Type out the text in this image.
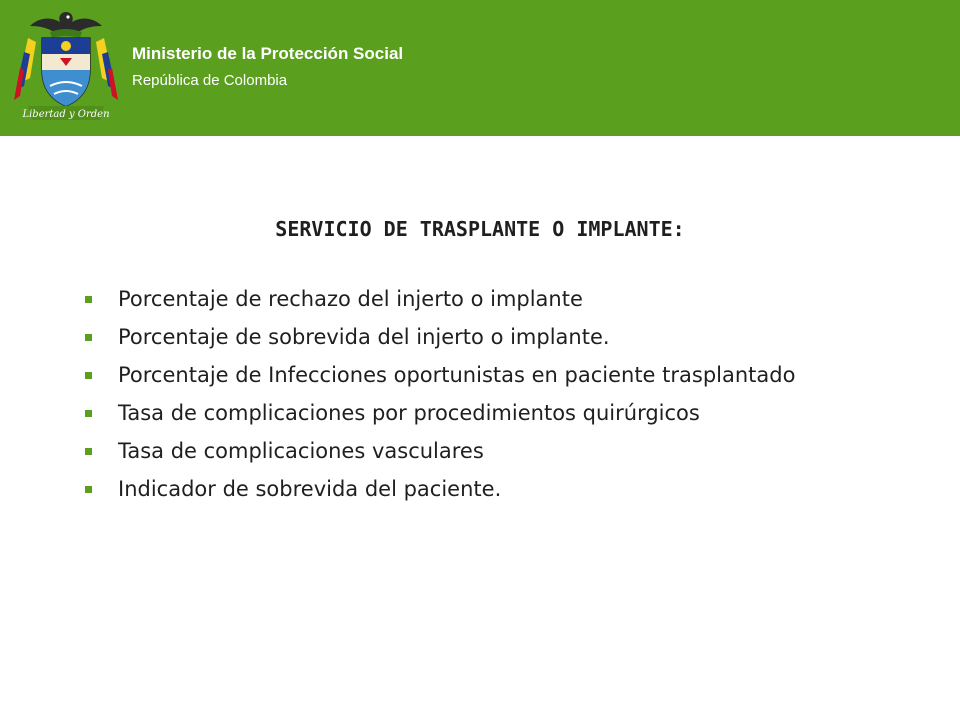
Libertad y Orden
Ministerio de la Protección Social
República de Colombia
SERVICIO DE TRASPLANTE O IMPLANTE:
Porcentaje de rechazo del injerto o implante
Porcentaje de sobrevida del injerto o implante.
Porcentaje de Infecciones oportunistas en paciente trasplantado
Tasa de complicaciones por procedimientos quirúrgicos
Tasa de complicaciones vasculares
Indicador de sobrevida del paciente.
